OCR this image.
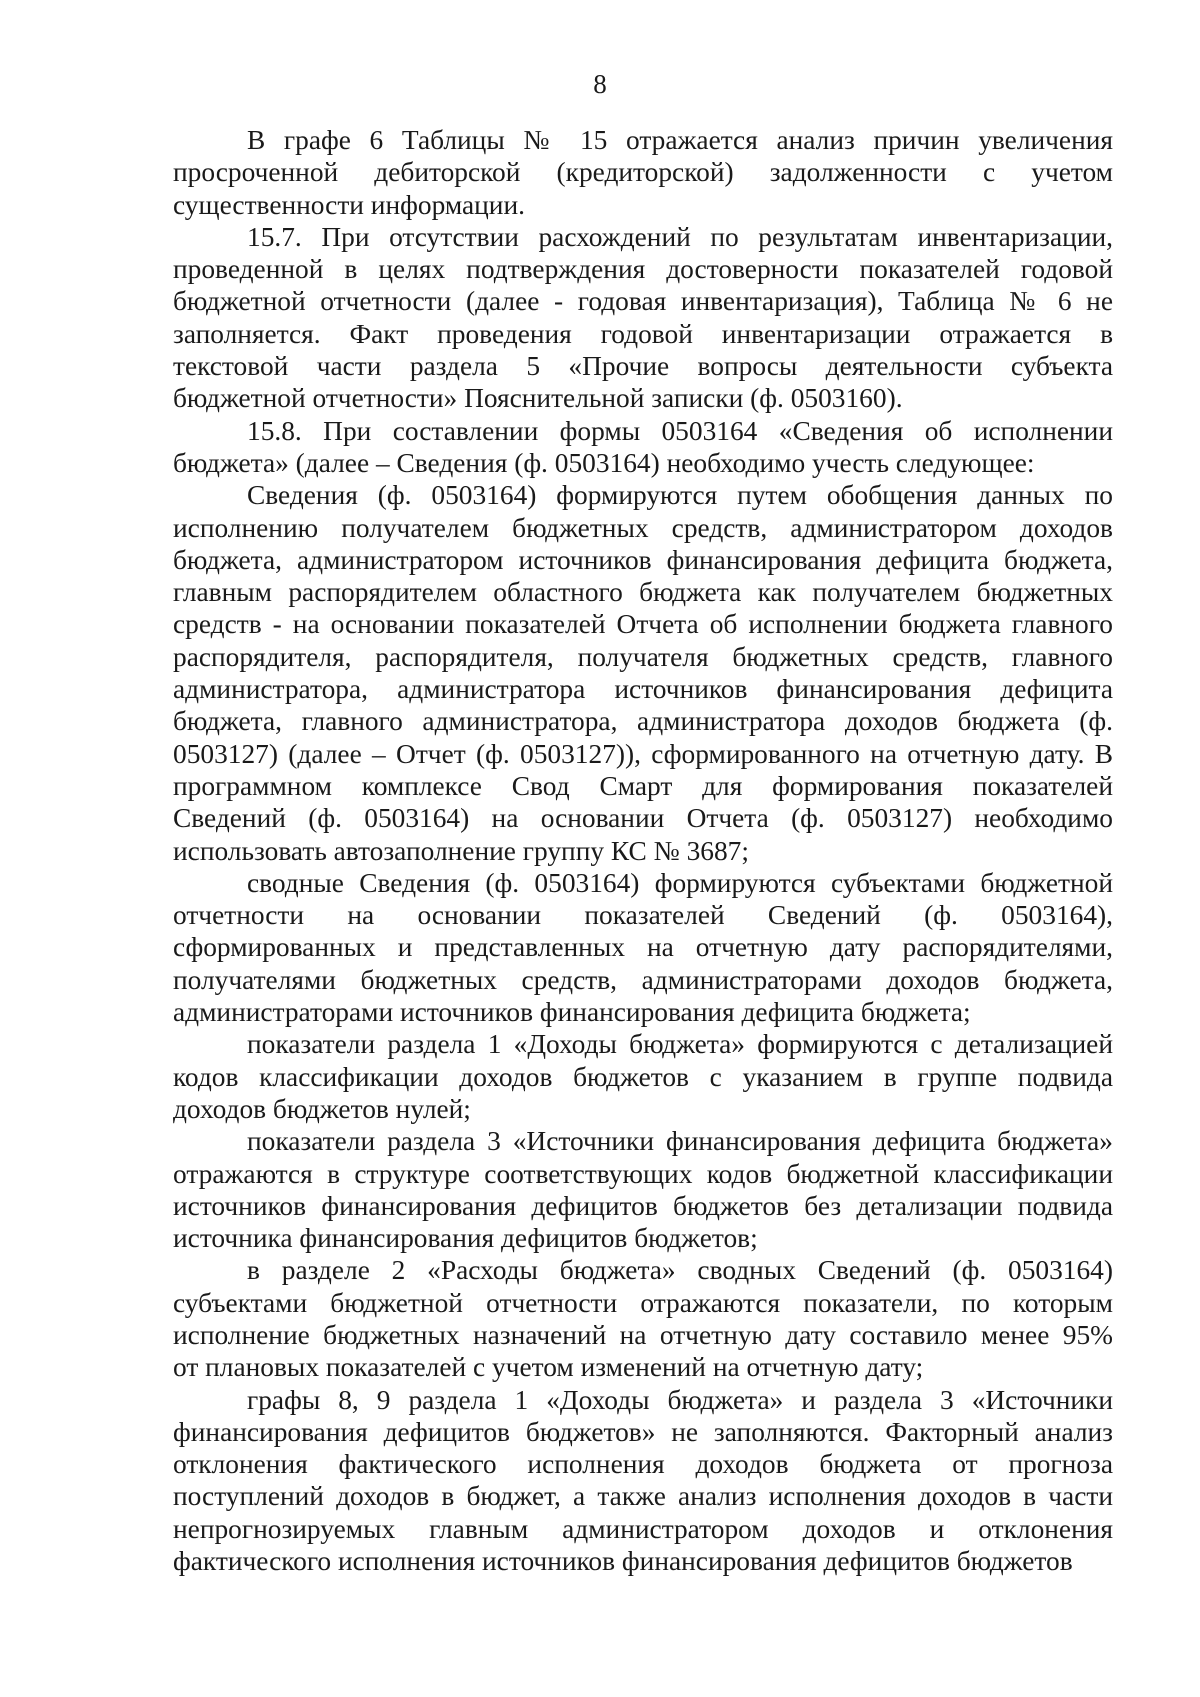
8
В графе 6 Таблицы № 15 отражается анализ причин увеличения
просроченной дебиторской (кредиторской) задолженности с учетом
существенности информации.
15.7. При отсутствии расхождений по результатам инвентаризации,
проведенной в целях подтверждения достоверности показателей годовой
бюджетной отчетности (далее - годовая инвентаризация), Таблица № 6 не
заполняется. Факт проведения годовой инвентаризации отражается в
текстовой части раздела 5 «Прочие вопросы деятельности субъекта
бюджетной отчетности» Пояснительной записки (ф. 0503160).
15.8. При составлении формы 0503164 «Сведения об исполнении
бюджета» (далее – Сведения (ф. 0503164) необходимо учесть следующее:
Сведения (ф. 0503164) формируются путем обобщения данных по
исполнению получателем бюджетных средств, администратором доходов
бюджета, администратором источников финансирования дефицита бюджета,
главным распорядителем областного бюджета как получателем бюджетных
средств - на основании показателей Отчета об исполнении бюджета главного
распорядителя, распорядителя, получателя бюджетных средств, главного
администратора, администратора источников финансирования дефицита
бюджета, главного администратора, администратора доходов бюджета (ф.
0503127) (далее – Отчет (ф. 0503127)), сформированного на отчетную дату. В
программном комплексе Свод Смарт для формирования показателей
Сведений (ф. 0503164) на основании Отчета (ф. 0503127) необходимо
использовать автозаполнение группу КС № 3687;
сводные Сведения (ф. 0503164) формируются субъектами бюджетной
отчетности на основании показателей Сведений (ф. 0503164),
сформированных и представленных на отчетную дату распорядителями,
получателями бюджетных средств, администраторами доходов бюджета,
администраторами источников финансирования дефицита бюджета;
показатели раздела 1 «Доходы бюджета» формируются с детализацией
кодов классификации доходов бюджетов с указанием в группе подвида
доходов бюджетов нулей;
показатели раздела 3 «Источники финансирования дефицита бюджета»
отражаются в структуре соответствующих кодов бюджетной классификации
источников финансирования дефицитов бюджетов без детализации подвида
источника финансирования дефицитов бюджетов;
в разделе 2 «Расходы бюджета» сводных Сведений (ф. 0503164)
субъектами бюджетной отчетности отражаются показатели, по которым
исполнение бюджетных назначений на отчетную дату составило менее 95%
от плановых показателей с учетом изменений на отчетную дату;
графы 8, 9 раздела 1 «Доходы бюджета» и раздела 3 «Источники
финансирования дефицитов бюджетов» не заполняются. Факторный анализ
отклонения фактического исполнения доходов бюджета от прогноза
поступлений доходов в бюджет, а также анализ исполнения доходов в части
непрогнозируемых главным администратором доходов и отклонения
фактического исполнения источников финансирования дефицитов бюджетов
